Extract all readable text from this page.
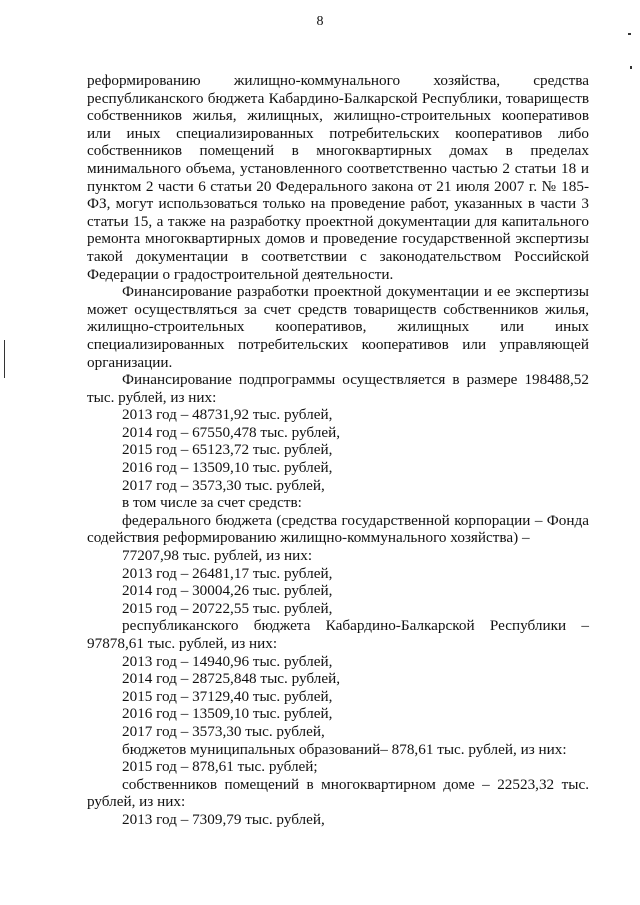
8

реформированию жилищно-коммунального хозяйства, средства республиканского бюджета Кабардино-Балкарской Республики, товариществ собственников жилья, жилищных, жилищно-строительных кооперативов или иных специализированных потребительских кооперативов либо собственников помещений в многоквартирных домах в пределах минимального объема, установленного соответственно частью 2 статьи 18 и пунктом 2 части 6 статьи 20 Федерального закона от 21 июля 2007 г. № 185-ФЗ, могут использоваться только на проведение работ, указанных в части 3 статьи 15, а также на разработку проектной документации для капитального ремонта многоквартирных домов и проведение государственной экспертизы такой документации в соответствии с законодательством Российской Федерации о градостроительной деятельности.

Финансирование разработки проектной документации и ее экспертизы может осуществляться за счет средств товариществ собственников жилья, жилищно-строительных кооперативов, жилищных или иных специализированных потребительских кооперативов или управляющей организации.

Финансирование подпрограммы осуществляется в размере 198488,52 тыс. рублей, из них:

2013 год – 48731,92 тыс. рублей,

2014 год – 67550,478 тыс. рублей,

2015 год – 65123,72 тыс. рублей,

2016 год – 13509,10 тыс. рублей,

2017 год – 3573,30 тыс. рублей,

в том числе за счет средств:

федерального бюджета (средства государственной корпорации – Фонда содействия реформированию жилищно-коммунального хозяйства) –

77207,98 тыс. рублей, из них:

2013 год – 26481,17 тыс. рублей,

2014 год – 30004,26 тыс. рублей,

2015 год – 20722,55 тыс. рублей,

республиканского бюджета Кабардино-Балкарской Республики – 97878,61 тыс. рублей, из них:

2013 год – 14940,96 тыс. рублей,

2014 год – 28725,848 тыс. рублей,

2015 год – 37129,40 тыс. рублей,

2016 год – 13509,10 тыс. рублей,

2017 год – 3573,30 тыс. рублей,

бюджетов муниципальных образований– 878,61 тыс. рублей, из них:

2015 год – 878,61 тыс. рублей;

собственников помещений в многоквартирном доме – 22523,32 тыс. рублей, из них:

2013 год – 7309,79 тыс. рублей,
